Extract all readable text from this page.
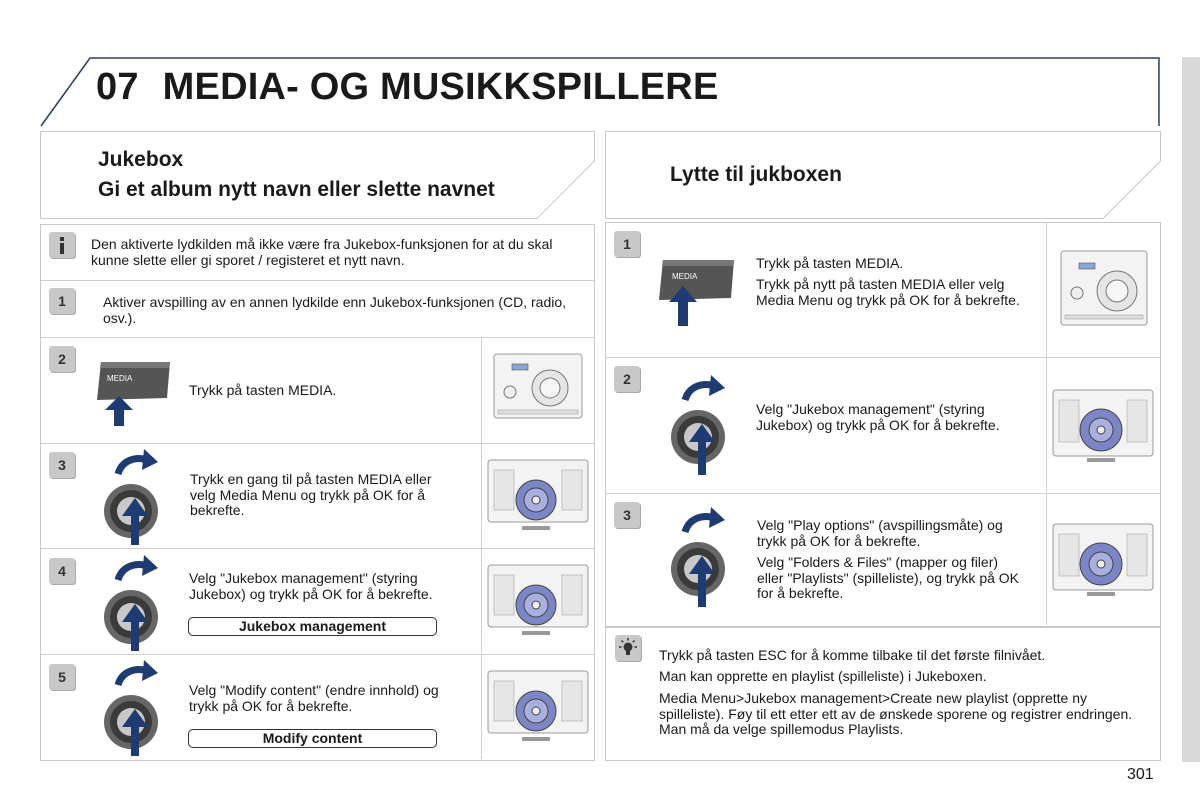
07 MEDIA- OG MUSIKKSPILLERE
Jukebox
Gi et album nytt navn eller slette navnet
Lytte til jukboxen
Den aktiverte lydkilden må ikke være fra Jukebox-funksjonen for at du skal kunne slette eller gi sporet / registeret et nytt navn.
1	Aktiver avspilling av en annen lydkilde enn Jukebox-funksjonen (CD, radio, osv.).
2
MEDIA
Trykk på tasten MEDIA.
3
Trykk en gang til på tasten MEDIA eller velg Media Menu og trykk på OK for å bekrefte.
4	Velg "Jukebox management" (styring Jukebox) og trykk på OK for å bekrefte.
Jukebox management
5
Velg "Modify content" (endre innhold) og trykk på OK for å bekrefte.
Modify content
1
MEDIA
Trykk på tasten MEDIA.
Trykk på nytt på tasten MEDIA eller velg Media Menu og trykk på OK for å bekrefte.
2
Velg "Jukebox management" (styring Jukebox) og trykk på OK for å bekrefte.
3
Velg "Play options" (avspillingsmåte) og trykk på OK for å bekrefte.
Velg "Folders & Files" (mapper og filer) eller "Playlists" (spilleliste), og trykk på OK for å bekrefte.
Trykk på tasten ESC for å komme tilbake til det første filnivået.
Man kan opprette en playlist (spilleliste) i Jukeboxen.
Media Menu>Jukebox management>Create new playlist (opprette ny spilleliste). Føy til ett etter ett av de ønskede sporene og registrer endringen. Man må da velge spillemodus Playlists.
301
